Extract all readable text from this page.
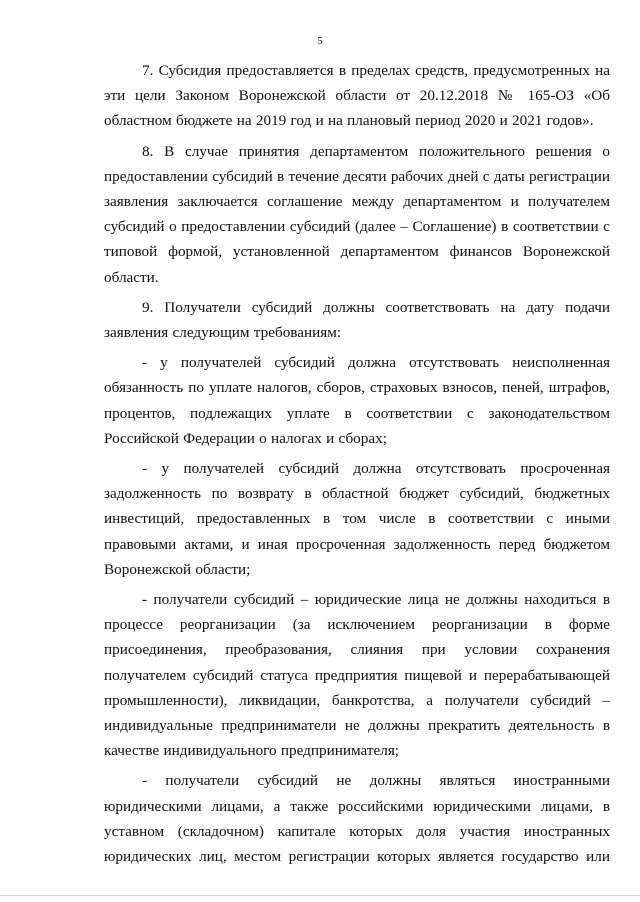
5

7. Субсидия предоставляется в пределах средств, предусмотренных на эти цели Законом Воронежской области от 20.12.2018 № 165-ОЗ «Об областном бюджете на 2019 год и на плановый период 2020 и 2021 годов».

8. В случае принятия департаментом положительного решения о предоставлении субсидий в течение десяти рабочих дней с даты регистрации заявления заключается соглашение между департаментом и получателем субсидий о предоставлении субсидий (далее – Соглашение) в соответствии с типовой формой, установленной департаментом финансов Воронежской области.

9. Получатели субсидий должны соответствовать на дату подачи заявления следующим требованиям:

- у получателей субсидий должна отсутствовать неисполненная обязанность по уплате налогов, сборов, страховых взносов, пеней, штрафов, процентов, подлежащих уплате в соответствии с законодательством Российской Федерации о налогах и сборах;

- у получателей субсидий должна отсутствовать просроченная задолженность по возврату в областной бюджет субсидий, бюджетных инвестиций, предоставленных в том числе в соответствии с иными правовыми актами, и иная просроченная задолженность перед бюджетом Воронежской области;

- получатели субсидий – юридические лица не должны находиться в процессе реорганизации (за исключением реорганизации в форме присоединения, преобразования, слияния при условии сохранения получателем субсидий статуса предприятия пищевой и перерабатывающей промышленности), ликвидации, банкротства, а получатели субсидий – индивидуальные предприниматели не должны прекратить деятельность в качестве индивидуального предпринимателя;

- получатели субсидий не должны являться иностранными юридическими лицами, а также российскими юридическими лицами, в уставном (складочном) капитале которых доля участия иностранных юридических лиц, местом регистрации которых является государство или
